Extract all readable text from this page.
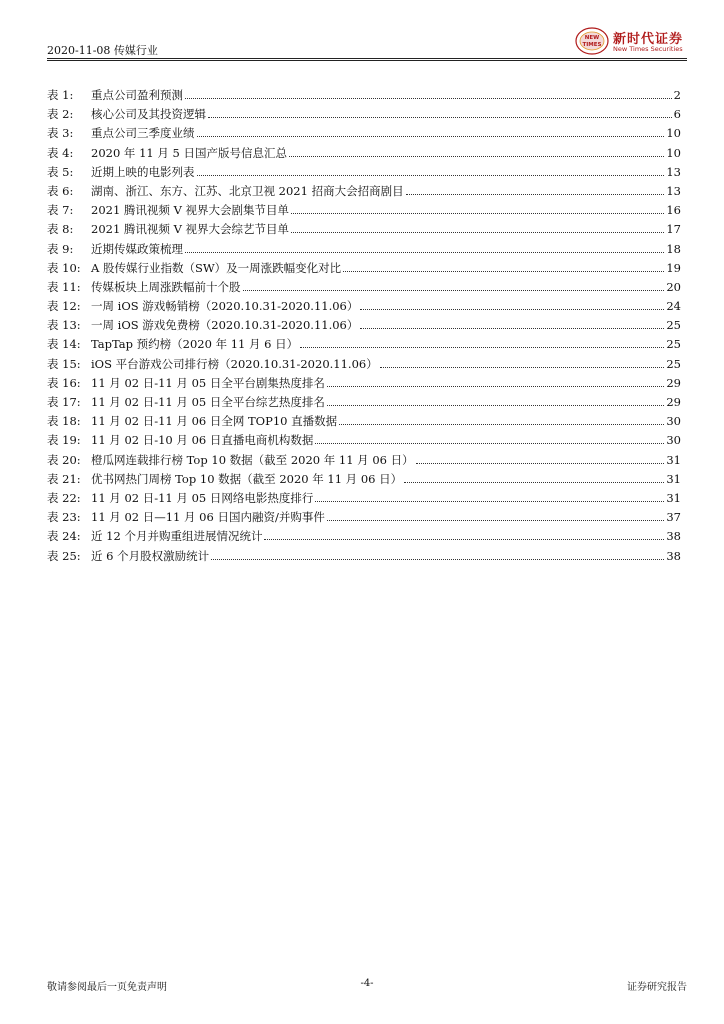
2020-11-08 传媒行业
NEW
TIMES 新时代证券
New Times Securities
表 1:	重点公司盈利预测	2
表 2:	核心公司及其投资逻辑	6
表 3:	重点公司三季度业绩	10
表 4:	2020 年 11 月 5 日国产版号信息汇总	10
表 5:	近期上映的电影列表	13
表 6:	湖南、浙江、东方、江苏、北京卫视 2021 招商大会招商剧目	13
表 7:	2021 腾讯视频 V 视界大会剧集节目单	16
表 8:	2021 腾讯视频 V 视界大会综艺节目单	17
表 9:	近期传媒政策梳理	18
表 10: A 股传媒行业指数（SW）及一周涨跌幅变化对比	19
表 11: 传媒板块上周涨跌幅前十个股	20
表 12: 一周 iOS 游戏畅销榜（2020.10.31-2020.11.06）	24
表 13: 一周 iOS 游戏免费榜（2020.10.31-2020.11.06）	25
表 14: TapTap 预约榜（2020 年 11 月 6 日）	25
表 15: iOS 平台游戏公司排行榜（2020.10.31-2020.11.06）	25
表 16: 11 月 02 日-11 月 05 日全平台剧集热度排名	29
表 17: 11 月 02 日-11 月 05 日全平台综艺热度排名	29
表 18: 11 月 02 日-11 月 06 日全网 TOP10 直播数据	30
表 19: 11 月 02 日-10 月 06 日直播电商机构数据	30
表 20: 橙瓜网连载排行榜 Top 10 数据（截至 2020 年 11 月 06 日）	31
表 21: 优书网热门周榜 Top 10 数据（截至 2020 年 11 月 06 日）	31
表 22: 11 月 02 日-11 月 05 日网络电影热度排行	31
表 23: 11 月 02 日—11 月 06 日国内融资/并购事件	37
表 24: 近 12 个月并购重组进展情况统计	38
表 25: 近 6 个月股权激励统计	38
敬请参阅最后一页免责声明	-4-	证券研究报告
